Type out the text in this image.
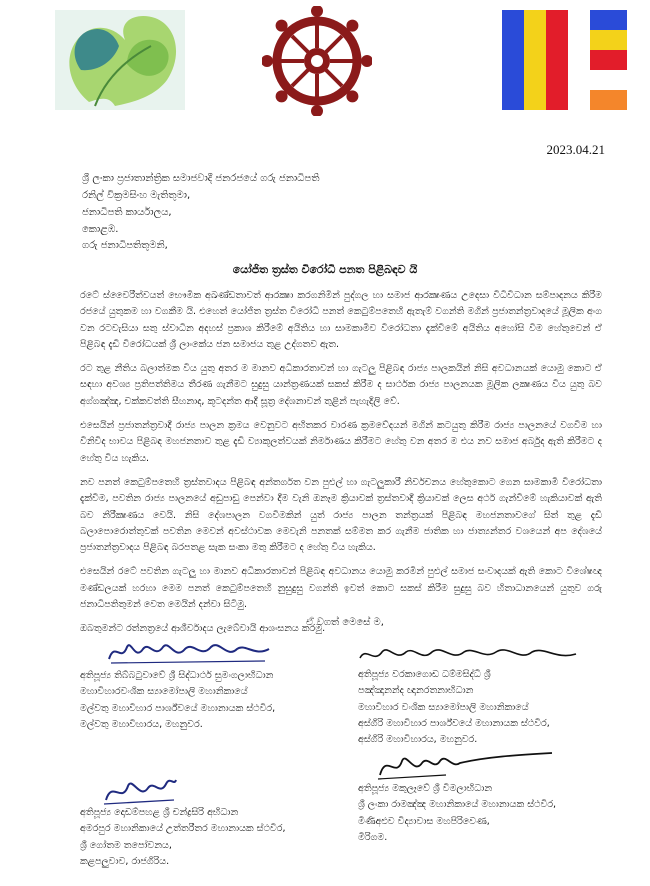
2023.04.21
ශ්‍රී ලංකා ප්‍රජාතාන්ත්‍රික සමාජවාදී ජනරජයේ ගරු ජනාධිපති
රනිල් වික්‍රමසිංහ මැතිතුමා,
ජනාධිපති කාර්යාලය,
කොළඹ.
ගරු ජනාධිපතිතුමනි,
යෝජිත ත්‍රස්ත විරෝධී පනත පිළිබඳව යි

රටේ ස්වෛරීත්වයත් භෞමික අඛණ්ඩතාවත් ආරක්‍ෂා කරගනිමින් පුද්ගල හා සමාජ ආරක්‍ෂණය උදෙසා විධිවිධාන සම්පාදනය කිරීම රජයේ යුතුකම හා වගකීම යි. එහෙත් යෝජිත ත්‍රස්ත විරෝධී පනත් කෙටුම්පතෙහි ඇතැම් වගන්ති මගින් ප්‍රජාතන්ත්‍රවාදයේ මූලික අංග වන රටවැසියා සතු ස්වාධීන අදහස් ප්‍රකාශ කිරීමේ අයිතිය හා සාමකාමීව විරෝධතා දැක්වීමේ අයිතිය අහෝසි වීම හේතුවෙන් ඒ පිළිබඳ දැඩි විරෝධයක් ශ්‍රී ලාංකේය ජන සමාජය තුළ උද්ගතව ඇත.

රට තුළ නීතිය බලාත්මක විය යුතු අතර ම මානව අධිකාරතාවන් හා ගැටලු පිළිබඳ රාජ්‍ය පාලකයින් නිසි අවධානයක් යොමු කොට ඒ සඳහා අවශ්‍ය ප්‍රතිපත්තිමය තීරණ ගැනීමට සුදුසු යාන්ත්‍රණයක් සකස් කිරීම ද සාර්ථක රාජ්‍ය පාලනයක මූලික ලක්‍ෂණය විය යුතු බව අග්ගඤ්ඤ, චක්කවත්ති සීහනාද, කූටදන්ත ආදී සූත්‍ර දේශනාවන් තුළින් පැහැදිලි වේ.

එසෙයින් ප්‍රජාතන්ත්‍රවාදී රාජ්‍ය පාලන ක්‍රමය වෙනුවට අභිතකර වාරණ ක්‍රමවේදයන් මගින් කටයුතු කිරීම රාජ්‍ය පාලනයේ වගවීම හා විනිවිද භාවය පිළිබඳ මහජනතාව තුළ දැඩි ව්‍යාකූලත්වයක් නිර්මාණය කිරීමට හේතු වන අතර ම එය නව සමාජ අර්බුද ඇති කිරීමට ද හේතු විය හැකිය.

නව පනත් කෙටුම්පතෙහි ත්‍රස්තවාදය පිළිබඳ අන්තර්ගත වන පුළුල් හා ගැටලුකාරී නිර්වචනය හේතුකොට ගෙන සාමකාමී විරෝධතා දැක්වීම, පවතින රාජ්‍ය පාලනයේ අඩුපාඩු පෙන්වා දීම වැනි ඔනෑම ක්‍රියාවක් ත්‍රස්තවාදී ක්‍රියාවක් ලෙස අර්ථ ගැන්වීමේ හැකියාවක් ඇති බව නිරීක්‍ෂණය වෙයි. නිසි දේශපාලන වගවීමකින් යුත් රාජ්‍ය පාලන තන්ත්‍රයක් පිළිබඳ මහජනතාවගේ සිත් තුළ දැඩි බලාපොරොත්තුවක් පවතින මෙවන් අවස්ථාවක මෙවැනි පනතක් සම්මත කර ගැනීම ජාතික හා ජාත්‍යන්තර වශයෙන් අප දේශයේ ප්‍රජාතන්ත්‍රවාදය පිළිබඳ බරපතළ සැක සංකා මතු කිරීමට ද හේතු විය හැකිය.

එසෙයින් රටේ පවතින ගැටලු හා මානව අධිකාරතාවන් පිළිබඳ අවධානය යොමු කරමින් පුළුල් සමාජ සංවාදයක් ඇති කොට විශේෂඥ මණ්ඩලයක් හරහා මෙම පනත් කෙටුම්පතෙහි නුසුදුසු වගන්ති ඉවත් කොට සකස් කිරීම සුදුසු බව හිතාධානයෙන් යුතුව ගරු ජනාධිපතිතුමන් වෙත මෙයින් දන්වා සිටිමු.

ඔබතුමන්ට රත්නත්‍රයේ ආශීර්වාදය ලැබේවායි ආශංසනය කරමු.

ඒ වගත් මෙසේ ම,
අතිපූජ්‍ය තිබ්බටුවාවේ ශ්‍රී සිද්ධාර්ථ සුමංගලාභිධාන
මහාවිහාරවංශික ස්‍යාමෝපාලි මහානිකායේ
මල්වතු මහාවිහාර පාර්ශ්වයේ මහානායක ස්ථවිර,
මල්වතු මහාවිහාරය, මහනුවර.
අතිපූජ්‍ය වරකාගොඩ ධම්මසිද්ධි ශ්‍රී
පඤ්ඤානන්ද ඥානරතනාභිධාන
මහාවිහාර වංශික ස්‍යාමෝපාලි මහානිකායේ
අස්ගිරි මහාවිහාර පාර්ශ්වයේ මහානායක ස්ථවිර,
අස්ගිරි මහාවිහාරය, මහනුවර.
අතිපූජ්‍ය දොඩම්පහළ ශ්‍රී චන්ද්‍රසිරි අභිධාන
අමරපුර මහානිකායේ උත්තරීතර මහානායක ස්ථවිර,
ශ්‍රී ගෝතම තපෝවනය,
කළපලුවාව, රාජගිරිය.
අතිපූජ්‍ය මකුලෑවේ ශ්‍රී විමලාභිධාන
ශ්‍රී ලංකා රාමඤ්ඤ මහානිකායේ මහානායක ස්ථවිර,
මිණිඅළුව විද්‍යාවාස මහපිරිවෙණ,
මීරිගම.
